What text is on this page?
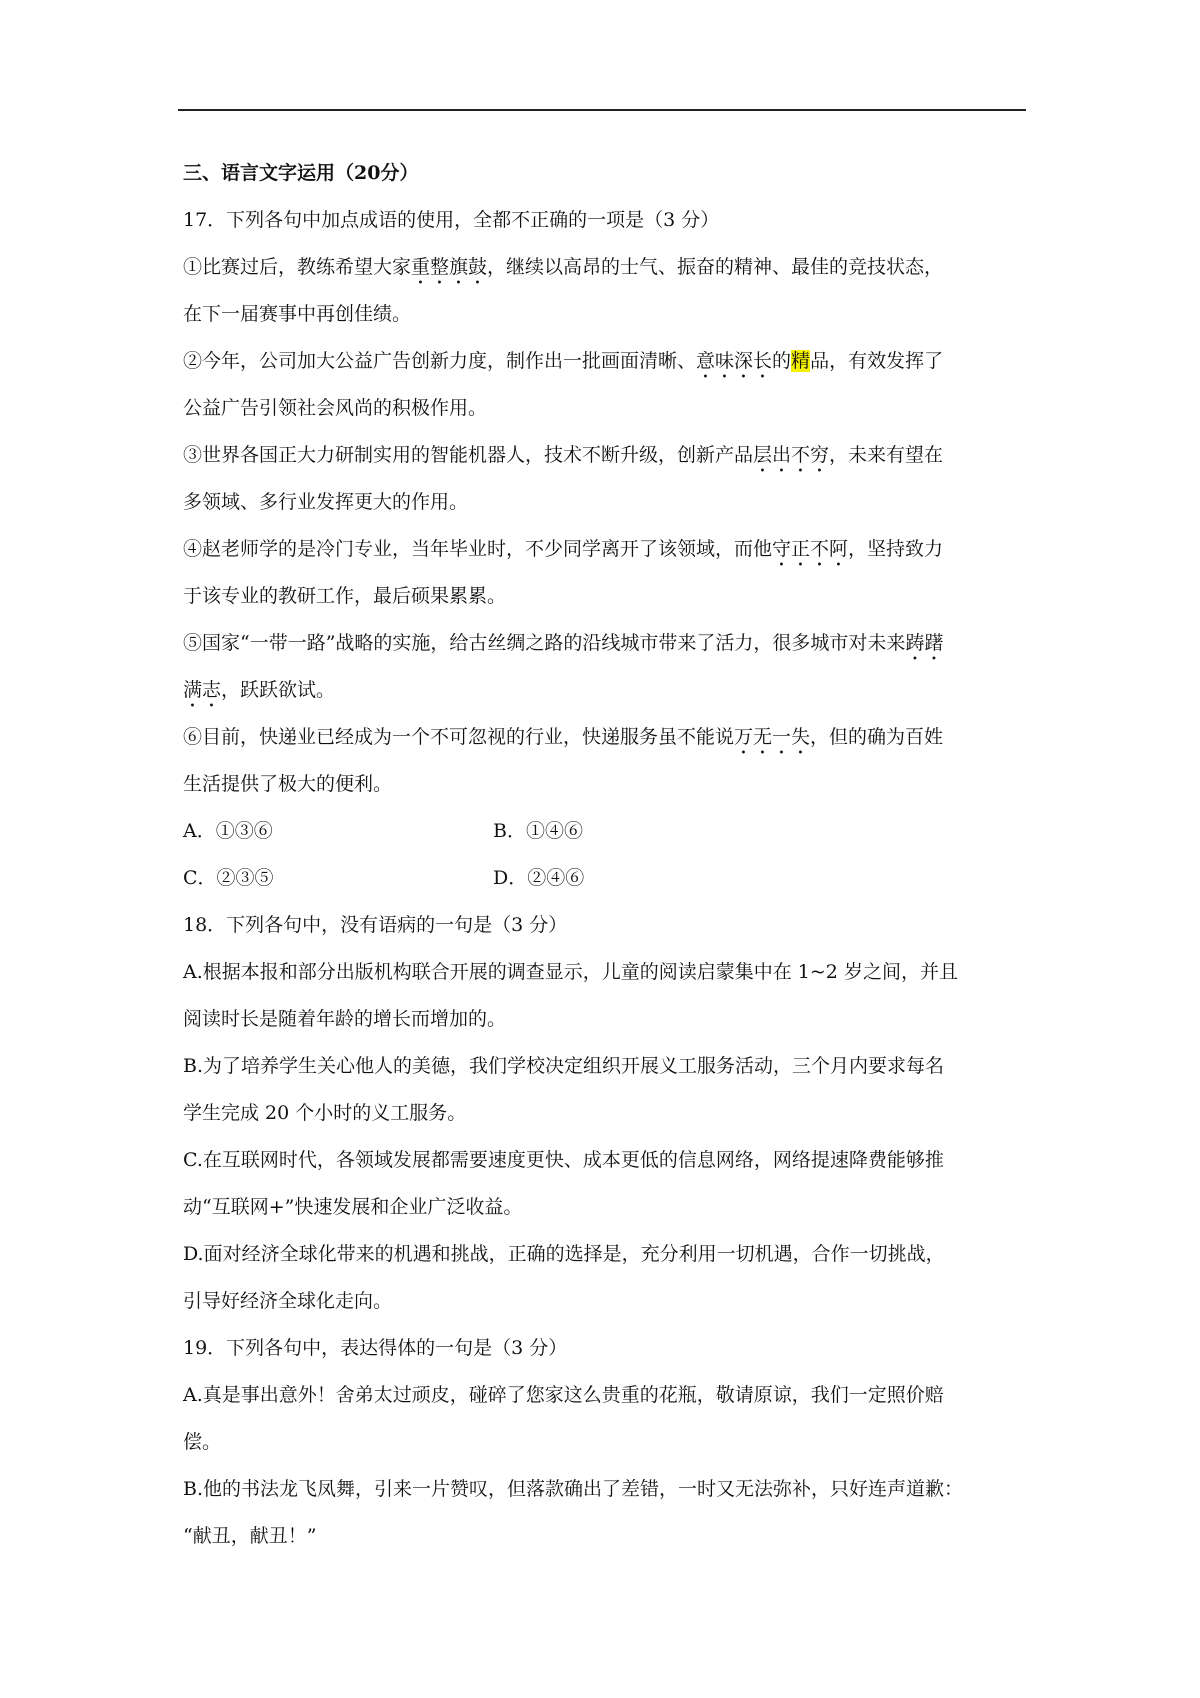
三、语言文字运用（20分）
17．下列各句中加点成语的使用，全都不正确的一项是（3 分）
①比赛过后，教练希望大家重整旗鼓，继续以高昂的士气、振奋的精神、最佳的竞技状态，
在下一届赛事中再创佳绩。
②今年，公司加大公益广告创新力度，制作出一批画面清晰、意味深长的精品，有效发挥了
公益广告引领社会风尚的积极作用。
③世界各国正大力研制实用的智能机器人，技术不断升级，创新产品层出不穷，未来有望在
多领域、多行业发挥更大的作用。
④赵老师学的是冷门专业，当年毕业时，不少同学离开了该领域，而他守正不阿，坚持致力
于该专业的教研工作，最后硕果累累。
⑤国家“一带一路”战略的实施，给古丝绸之路的沿线城市带来了活力，很多城市对未来踌躇
满志，跃跃欲试。
⑥目前，快递业已经成为一个不可忽视的行业，快递服务虽不能说万无一失，但的确为百姓
生活提供了极大的便利。
A．①③⑥	B．①④⑥
C．②③⑤	D．②④⑥
18．下列各句中，没有语病的一句是（3 分）
A.根据本报和部分出版机构联合开展的调查显示，儿童的阅读启蒙集中在 1~2 岁之间，并且
阅读时长是随着年龄的增长而增加的。
B.为了培养学生关心他人的美德，我们学校决定组织开展义工服务活动，三个月内要求每名
学生完成 20 个小时的义工服务。
C.在互联网时代，各领域发展都需要速度更快、成本更低的信息网络，网络提速降费能够推
动“互联网+”快速发展和企业广泛收益。
D.面对经济全球化带来的机遇和挑战，正确的选择是，充分利用一切机遇，合作一切挑战，
引导好经济全球化走向。
19．下列各句中，表达得体的一句是（3 分）
A.真是事出意外！舍弟太过顽皮，碰碎了您家这么贵重的花瓶，敬请原谅，我们一定照价赔
偿。
B.他的书法龙飞凤舞，引来一片赞叹，但落款确出了差错，一时又无法弥补，只好连声道歉：
“献丑，献丑！”
